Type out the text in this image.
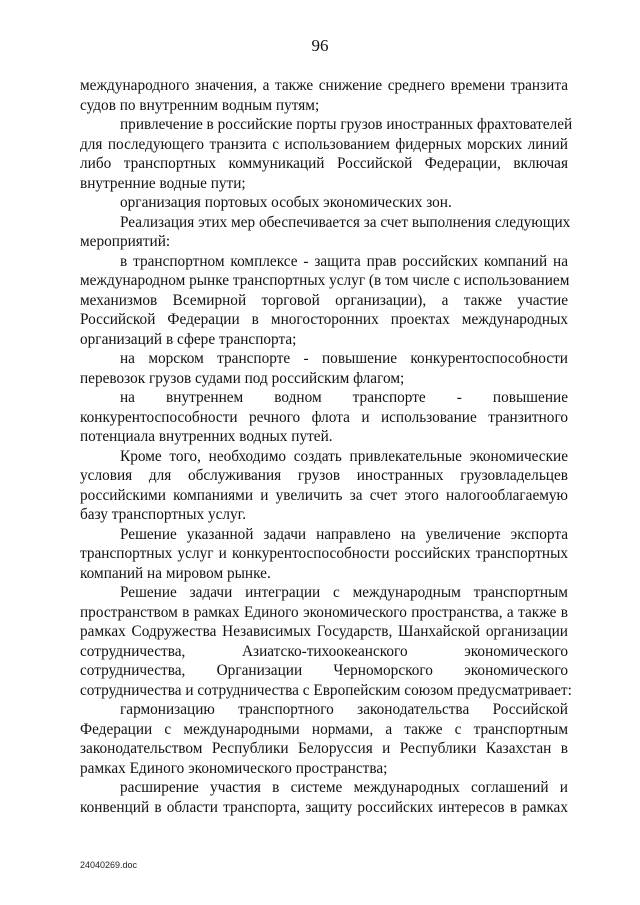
96
международного значения, а также снижение среднего времени транзита
судов по внутренним водным путям;
привлечение в российские порты грузов иностранных фрахтователей
для последующего транзита с использованием фидерных морских линий
либо транспортных коммуникаций Российской Федерации, включая
внутренние водные пути;
организация портовых особых экономических зон.
Реализация этих мер обеспечивается за счет выполнения следующих
мероприятий:
в транспортном комплексе - защита прав российских компаний на
международном рынке транспортных услуг (в том числе с использованием
механизмов Всемирной торговой организации), а также участие
Российской Федерации в многосторонних проектах международных
организаций в сфере транспорта;
на морском транспорте - повышение конкурентоспособности
перевозок грузов судами под российским флагом;
на внутреннем водном транспорте - повышение
конкурентоспособности речного флота и использование транзитного
потенциала внутренних водных путей.
Кроме того, необходимо создать привлекательные экономические
условия для обслуживания грузов иностранных грузовладельцев
российскими компаниями и увеличить за счет этого налогооблагаемую
базу транспортных услуг.
Решение указанной задачи направлено на увеличение экспорта
транспортных услуг и конкурентоспособности российских транспортных
компаний на мировом рынке.
Решение задачи интеграции с международным транспортным
пространством в рамках Единого экономического пространства, а также в
рамках Содружества Независимых Государств, Шанхайской организации
сотрудничества, Азиатско-тихоокеанского экономического
сотрудничества, Организации Черноморского экономического
сотрудничества и сотрудничества с Европейским союзом предусматривает:
гармонизацию транспортного законодательства Российской
Федерации с международными нормами, а также с транспортным
законодательством Республики Белоруссия и Республики Казахстан в
рамках Единого экономического пространства;
расширение участия в системе международных соглашений и
конвенций в области транспорта, защиту российских интересов в рамках
24040269.doc
